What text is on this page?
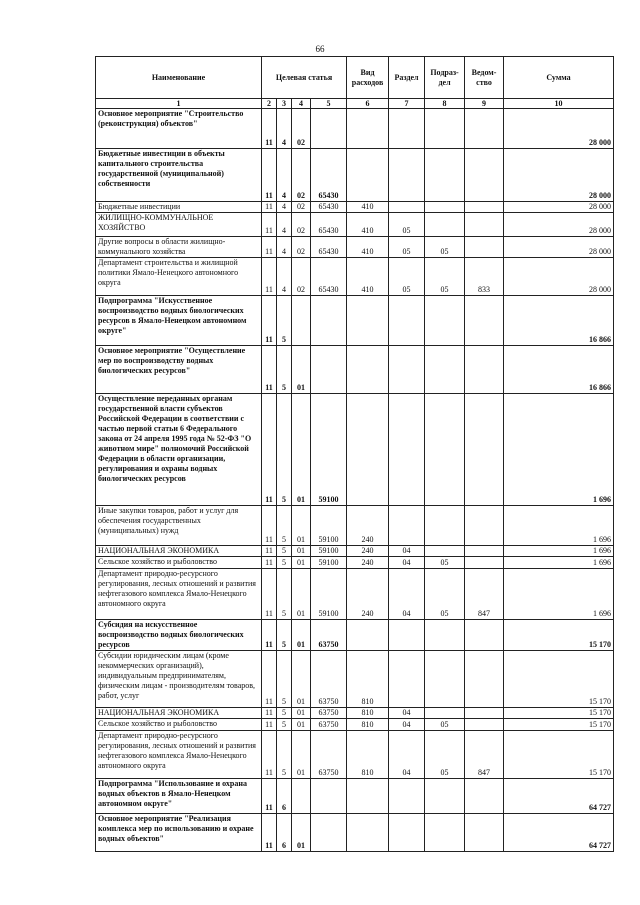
66
Наименование	Целевая статья				Вид расходов	Раздел	Подраз-дел	Ведом-ство	Сумма
1	2	3	4	5	6	7	8	9	10
Основное мероприятие "Строительство (реконструкция) объектов"	11	4	02						28 000
Бюджетные инвестиции в объекты капитального строительства государственной (муниципальной) собственности	11	4	02	65430					28 000
Бюджетные инвестиции	11	4	02	65430	410				28 000
ЖИЛИЩНО-КОММУНАЛЬНОЕ ХОЗЯЙСТВО	11	4	02	65430	410	05			28 000
Другие вопросы в области жилищно-коммунального хозяйства	11	4	02	65430	410	05	05		28 000
Департамент строительства и жилищной политики Ямало-Ненецкого автономного округа	11	4	02	65430	410	05	05	833	28 000
Подпрограмма "Искусственное воспроизводство водных биологических ресурсов в Ямало-Ненецком автономном округе"	11	5							16 866
Основное мероприятие "Осуществление мер по воспроизводству водных биологических ресурсов"	11	5	01						16 866
Осуществление переданных органам государственной власти субъектов Российской Федерации в соответствии с частью первой статьи 6 Федерального закона от 24 апреля 1995 года № 52-ФЗ "О животном мире" полномочий Российской Федерации в области организации, регулирования и охраны водных биологических ресурсов	11	5	01	59100					1 696
Иные закупки товаров, работ и услуг для обеспечения государственных (муниципальных) нужд	11	5	01	59100	240				1 696
НАЦИОНАЛЬНАЯ ЭКОНОМИКА	11	5	01	59100	240	04			1 696
Сельское хозяйство и рыболовство	11	5	01	59100	240	04	05		1 696
Департамент природно-ресурсного регулирования, лесных отношений и развития нефтегазового комплекса Ямало-Ненецкого автономного округа	11	5	01	59100	240	04	05	847	1 696
Субсидия на искусственное воспроизводство водных биологических ресурсов	11	5	01	63750					15 170
Субсидии юридическим лицам (кроме некоммерческих организаций), индивидуальным предпринимателям, физическим лицам - производителям товаров, работ, услуг	11	5	01	63750	810				15 170
НАЦИОНАЛЬНАЯ ЭКОНОМИКА	11	5	01	63750	810	04			15 170
Сельское хозяйство и рыболовство	11	5	01	63750	810	04	05		15 170
Департамент природно-ресурсного регулирования, лесных отношений и развития нефтегазового комплекса Ямало-Ненецкого автономного округа	11	5	01	63750	810	04	05	847	15 170
Подпрограмма "Использование и охрана водных объектов в Ямало-Ненецком автономном округе"	11	6							64 727
Основное мероприятие "Реализация комплекса мер по использованию и охране водных объектов"	11	6	01						64 727
